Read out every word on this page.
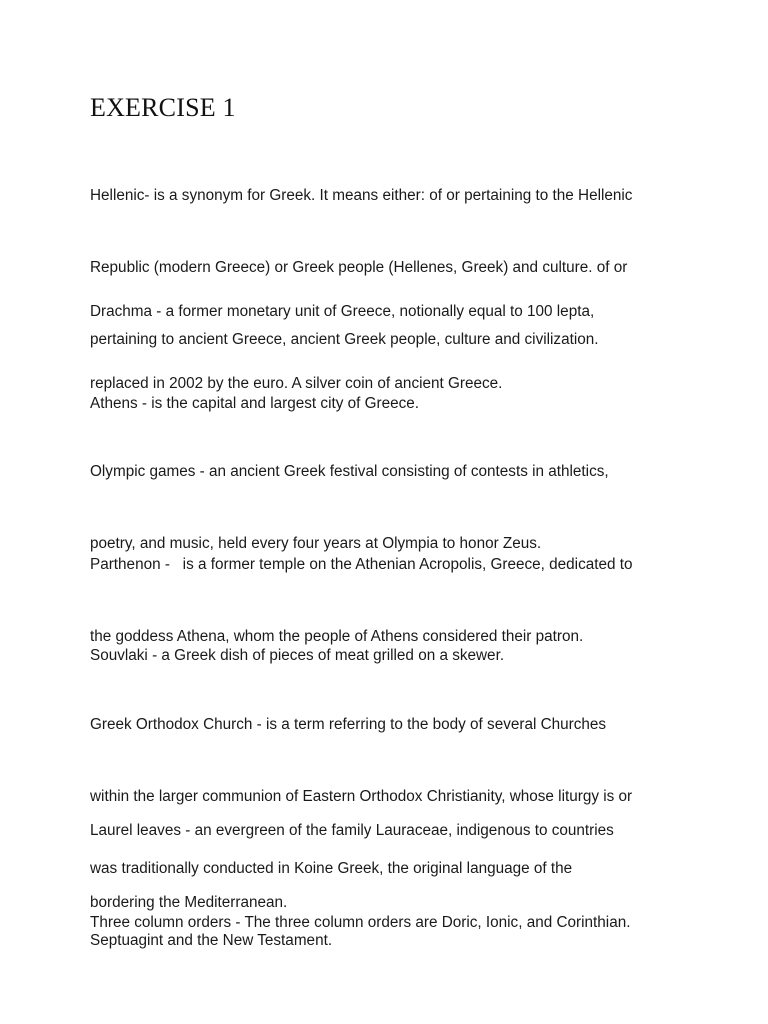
EXERCISE 1

Hellenic- is a synonym for Greek. It means either: of or pertaining to the Hellenic

Republic (modern Greece) or Greek people (Hellenes, Greek) and culture. of or

pertaining to ancient Greece, ancient Greek people, culture and civilization.

Drachma - a former monetary unit of Greece, notionally equal to 100 lepta,

replaced in 2002 by the euro. A silver coin of ancient Greece.

Athens - is the capital and largest city of Greece.

Olympic games - an ancient Greek festival consisting of contests in athletics,

poetry, and music, held every four years at Olympia to honor Zeus.

Parthenon -   is a former temple on the Athenian Acropolis, Greece, dedicated to

the goddess Athena, whom the people of Athens considered their patron.

Souvlaki - a Greek dish of pieces of meat grilled on a skewer.

Greek Orthodox Church - is a term referring to the body of several Churches

within the larger communion of Eastern Orthodox Christianity, whose liturgy is or

was traditionally conducted in Koine Greek, the original language of the

Septuagint and the New Testament.

Laurel leaves - an evergreen of the family Lauraceae, indigenous to countries

bordering the Mediterranean.

Three column orders - The three column orders are Doric, Ionic, and Corinthian.
